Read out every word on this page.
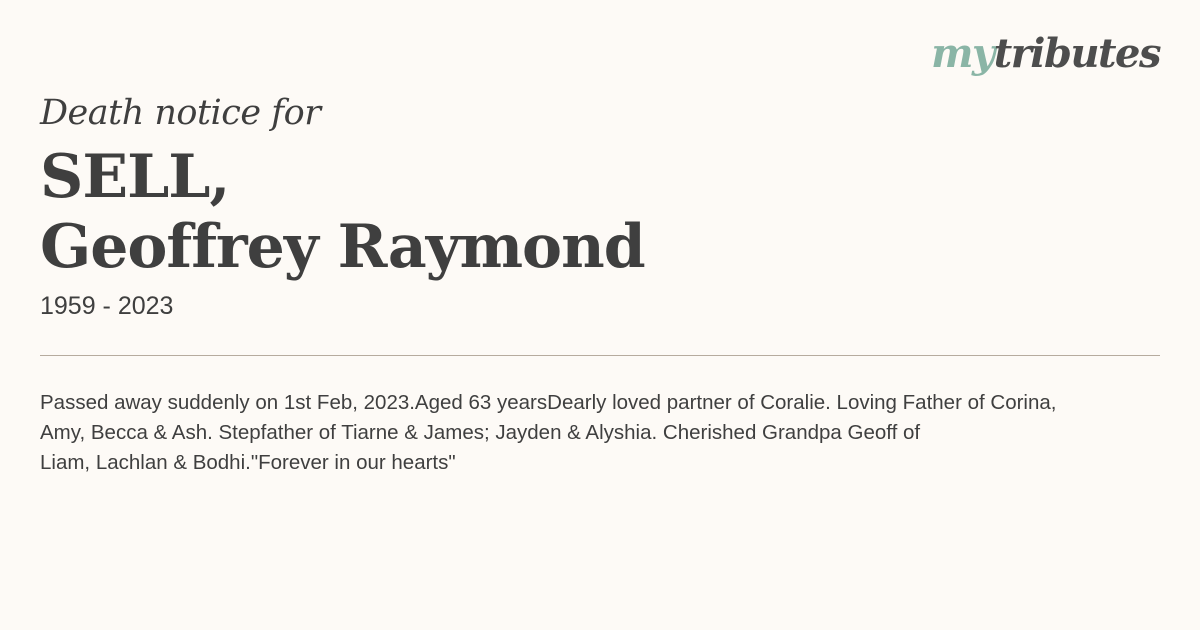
mytributes
Death notice for
SELL,
Geoffrey Raymond
1959 - 2023
Passed away suddenly on 1st Feb, 2023.Aged 63 yearsDearly loved partner of Coralie. Loving Father of Corina,
Amy, Becca & Ash. Stepfather of Tiarne & James; Jayden & Alyshia. Cherished Grandpa Geoff of
Liam, Lachlan & Bodhi."Forever in our hearts"
